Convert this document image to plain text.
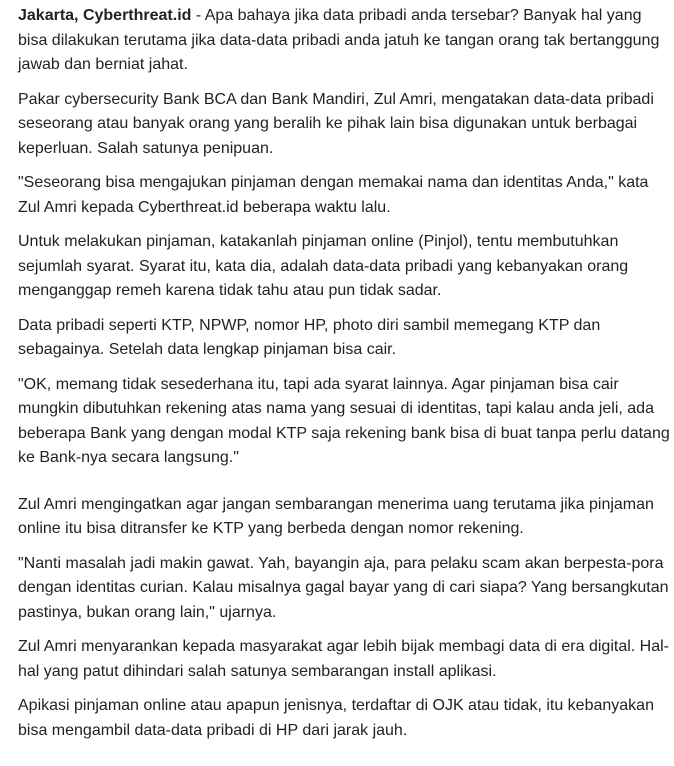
Jakarta, Cyberthreat.id - Apa bahaya jika data pribadi anda tersebar? Banyak hal yang bisa dilakukan terutama jika data-data pribadi anda jatuh ke tangan orang tak bertanggung jawab dan berniat jahat.

Pakar cybersecurity Bank BCA dan Bank Mandiri, Zul Amri, mengatakan data-data pribadi seseorang atau banyak orang yang beralih ke pihak lain bisa digunakan untuk berbagai keperluan. Salah satunya penipuan.

"Seseorang bisa mengajukan pinjaman dengan memakai nama dan identitas Anda," kata Zul Amri kepada Cyberthreat.id beberapa waktu lalu.

Untuk melakukan pinjaman, katakanlah pinjaman online (Pinjol), tentu membutuhkan sejumlah syarat. Syarat itu, kata dia, adalah data-data pribadi yang kebanyakan orang menganggap remeh karena tidak tahu atau pun tidak sadar.

Data pribadi seperti KTP, NPWP, nomor HP, photo diri sambil memegang KTP dan sebagainya. Setelah data lengkap pinjaman bisa cair.

"OK, memang tidak sesederhana itu, tapi ada syarat lainnya. Agar pinjaman bisa cair mungkin dibutuhkan rekening atas nama yang sesuai di identitas, tapi kalau anda jeli, ada beberapa Bank yang dengan modal KTP saja rekening bank bisa di buat tanpa perlu datang ke Bank-nya secara langsung."

Zul Amri mengingatkan agar jangan sembarangan menerima uang terutama jika pinjaman online itu bisa ditransfer ke KTP yang berbeda dengan nomor rekening.

"Nanti masalah jadi makin gawat. Yah, bayangin aja, para pelaku scam akan berpesta-pora dengan identitas curian. Kalau misalnya gagal bayar yang di cari siapa? Yang bersangkutan pastinya, bukan orang lain," ujarnya.

Zul Amri menyarankan kepada masyarakat agar lebih bijak membagi data di era digital. Hal-hal yang patut dihindari salah satunya sembarangan install aplikasi.

Apikasi pinjaman online atau apapun jenisnya, terdaftar di OJK atau tidak, itu kebanyakan bisa mengambil data-data pribadi di HP dari jarak jauh.
